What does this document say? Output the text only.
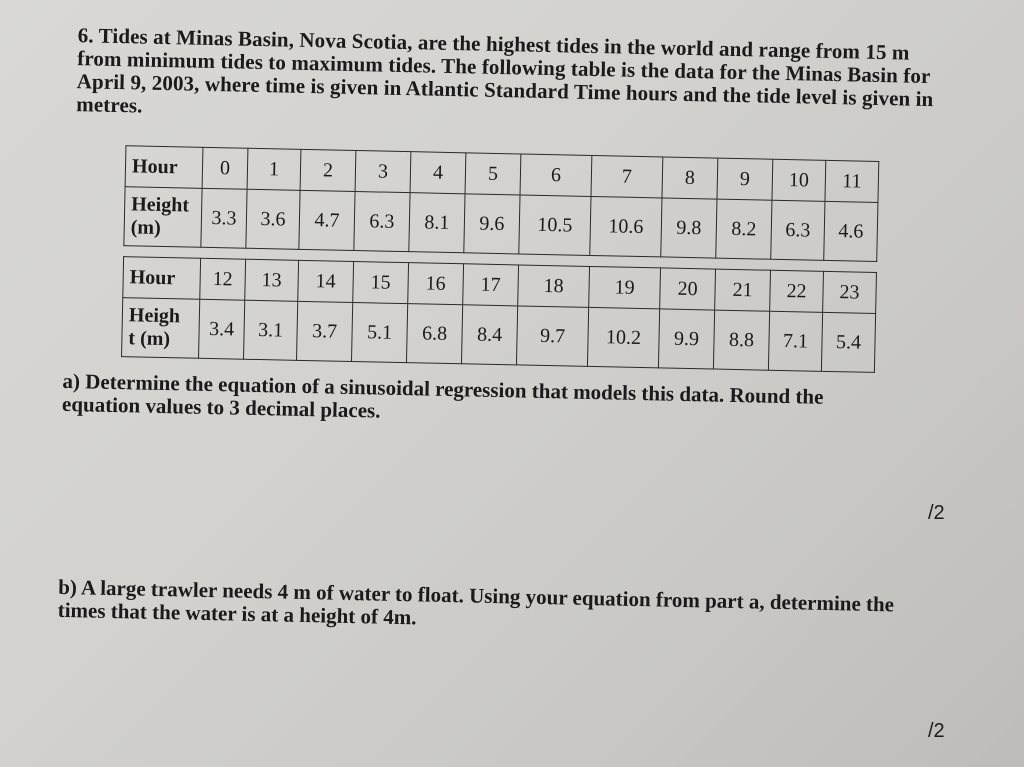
6. Tides at Minas Basin, Nova Scotia, are the highest tides in the world and range from 15 m from minimum tides to maximum tides. The following table is the data for the Minas Basin for April 9, 2003, where time is given in Atlantic Standard Time hours and the tide level is given in metres.

Hour	0	1	2	3	4	5	6	7	8	9	10	11

Height
(m)	3.3	3.6	4.7	6.3	8.1	9.6	10.5	10.6	9.8	8.2	6.3	4.6
Hour	12	13	14	15	16	17	18	19	20	21	22	23

Heigh
t (m)	3.4	3.1	3.7	5.1	6.8	8.4	9.7	10.2	9.9	8.8	7.1	5.4

a) Determine the equation of a sinusoidal regression that models this data. Round the equation values to 3 decimal places.

b) A large trawler needs 4 m of water to float. Using your equation from part a, determine the times that the water is at a height of 4m.

/2
/2
